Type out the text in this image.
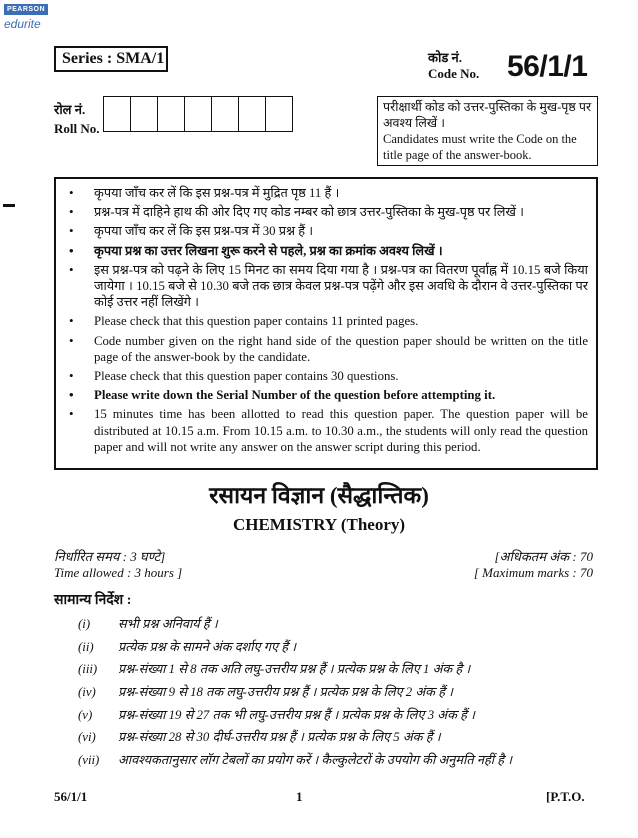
PEARSON
edurite
Series : SMA/1	कोड नं.
Code No. 56/1/1
रोल नं.
Roll No.
परीक्षार्थी कोड को उत्तर-पुस्तिका के मुख-पृष्ठ पर अवश्य लिखें ।
Candidates must write the Code on the title page of the answer-book.
• कृपया जाँच कर लें कि इस प्रश्न-पत्र में मुद्रित पृष्ठ 11 हैं ।
• प्रश्न-पत्र में दाहिने हाथ की ओर दिए गए कोड नम्बर को छात्र उत्तर-पुस्तिका के मुख-पृष्ठ पर लिखें ।
• कृपया जाँच कर लें कि इस प्रश्न-पत्र में 30 प्रश्न हैं ।
• कृपया प्रश्न का उत्तर लिखना शुरू करने से पहले, प्रश्न का क्रमांक अवश्य लिखें ।
• इस प्रश्न-पत्र को पढ़ने के लिए 15 मिनट का समय दिया गया है । प्रश्न-पत्र का वितरण पूर्वाह्न में 10.15 बजे किया जायेगा । 10.15 बजे से 10.30 बजे तक छात्र केवल प्रश्न-पत्र पढ़ेंगे और इस अवधि के दौरान वे उत्तर-पुस्तिका पर कोई उत्तर नहीं लिखेंगे ।
• Please check that this question paper contains 11 printed pages.
• Code number given on the right hand side of the question paper should be written on the title page of the answer-book by the candidate.
• Please check that this question paper contains 30 questions.
• Please write down the Serial Number of the question before attempting it.
• 15 minutes time has been allotted to read this question paper. The question paper will be distributed at 10.15 a.m. From 10.15 a.m. to 10.30 a.m., the students will only read the question paper and will not write any answer on the answer script during this period.
रसायन विज्ञान (सैद्धान्तिक)
CHEMISTRY (Theory)
निर्धारित समय : 3 घण्टे]
Time allowed : 3 hours ]
[अधिकतम अंक : 70
[ Maximum marks : 70
सामान्य निर्देश :
(i)	सभी प्रश्न अनिवार्य हैं ।
(ii)	प्रत्येक प्रश्न के सामने अंक दर्शाए गए हैं ।
(iii)	प्रश्न-संख्या 1 से 8 तक अति लघु-उत्तरीय प्रश्न हैं । प्रत्येक प्रश्न के लिए 1 अंक है ।
(iv)	प्रश्न-संख्या 9 से 18 तक लघु-उत्तरीय प्रश्न हैं । प्रत्येक प्रश्न के लिए 2 अंक हैं ।
(v)	प्रश्न-संख्या 19 से 27 तक भी लघु-उत्तरीय प्रश्न हैं । प्रत्येक प्रश्न के लिए 3 अंक हैं ।
(vi)	प्रश्न-संख्या 28 से 30 दीर्घ-उत्तरीय प्रश्न हैं । प्रत्येक प्रश्न के लिए 5 अंक हैं ।
(vii)	आवश्यकतानुसार लॉग टेबलों का प्रयोग करें । कैल्कुलेटरों के उपयोग की अनुमति नहीं है ।
56/1/1	1	[P.T.O.
